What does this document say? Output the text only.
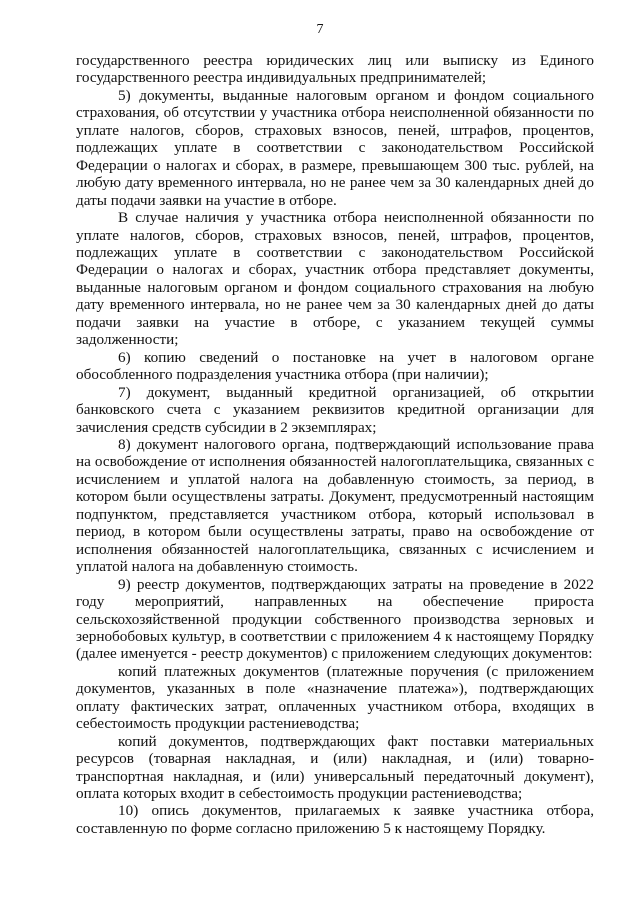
7

государственного реестра юридических лиц или выписку из Единого государственного реестра индивидуальных предпринимателей;

5) документы, выданные налоговым органом и фондом социального страхования, об отсутствии у участника отбора неисполненной обязанности по уплате налогов, сборов, страховых взносов, пеней, штрафов, процентов, подлежащих уплате в соответствии с законодательством Российской Федерации о налогах и сборах, в размере, превышающем 300 тыс. рублей, на любую дату временного интервала, но не ранее чем за 30 календарных дней до даты подачи заявки на участие в отборе.

В случае наличия у участника отбора неисполненной обязанности по уплате налогов, сборов, страховых взносов, пеней, штрафов, процентов, подлежащих уплате в соответствии с законодательством Российской Федерации о налогах и сборах, участник отбора представляет документы, выданные налоговым органом и фондом социального страхования на любую дату временного интервала, но не ранее чем за 30 календарных дней до даты подачи заявки на участие в отборе, с указанием текущей суммы задолженности;

6) копию сведений о постановке на учет в налоговом органе обособленного подразделения участника отбора (при наличии);

7) документ, выданный кредитной организацией, об открытии банковского счета с указанием реквизитов кредитной организации для зачисления средств субсидии в 2 экземплярах;

8) документ налогового органа, подтверждающий использование права на освобождение от исполнения обязанностей налогоплательщика, связанных с исчислением и уплатой налога на добавленную стоимость, за период, в котором были осуществлены затраты. Документ, предусмотренный настоящим подпунктом, представляется участником отбора, который использовал в период, в котором были осуществлены затраты, право на освобождение от исполнения обязанностей налогоплательщика, связанных с исчислением и уплатой налога на добавленную стоимость.

9) реестр документов, подтверждающих затраты на проведение в 2022 году мероприятий, направленных на обеспечение прироста сельскохозяйственной продукции собственного производства зерновых и зернобобовых культур, в соответствии с приложением 4 к настоящему Порядку (далее именуется - реестр документов) с приложением следующих документов:

копий платежных документов (платежные поручения (с приложением документов, указанных в поле «назначение платежа»), подтверждающих оплату фактических затрат, оплаченных участником отбора, входящих в себестоимость продукции растениеводства;

копий документов, подтверждающих факт поставки материальных ресурсов (товарная накладная, и (или) накладная, и (или) товарно-транспортная накладная, и (или) универсальный передаточный документ), оплата которых входит в себестоимость продукции растениеводства;

10) опись документов, прилагаемых к заявке участника отбора, составленную по форме согласно приложению 5 к настоящему Порядку.
